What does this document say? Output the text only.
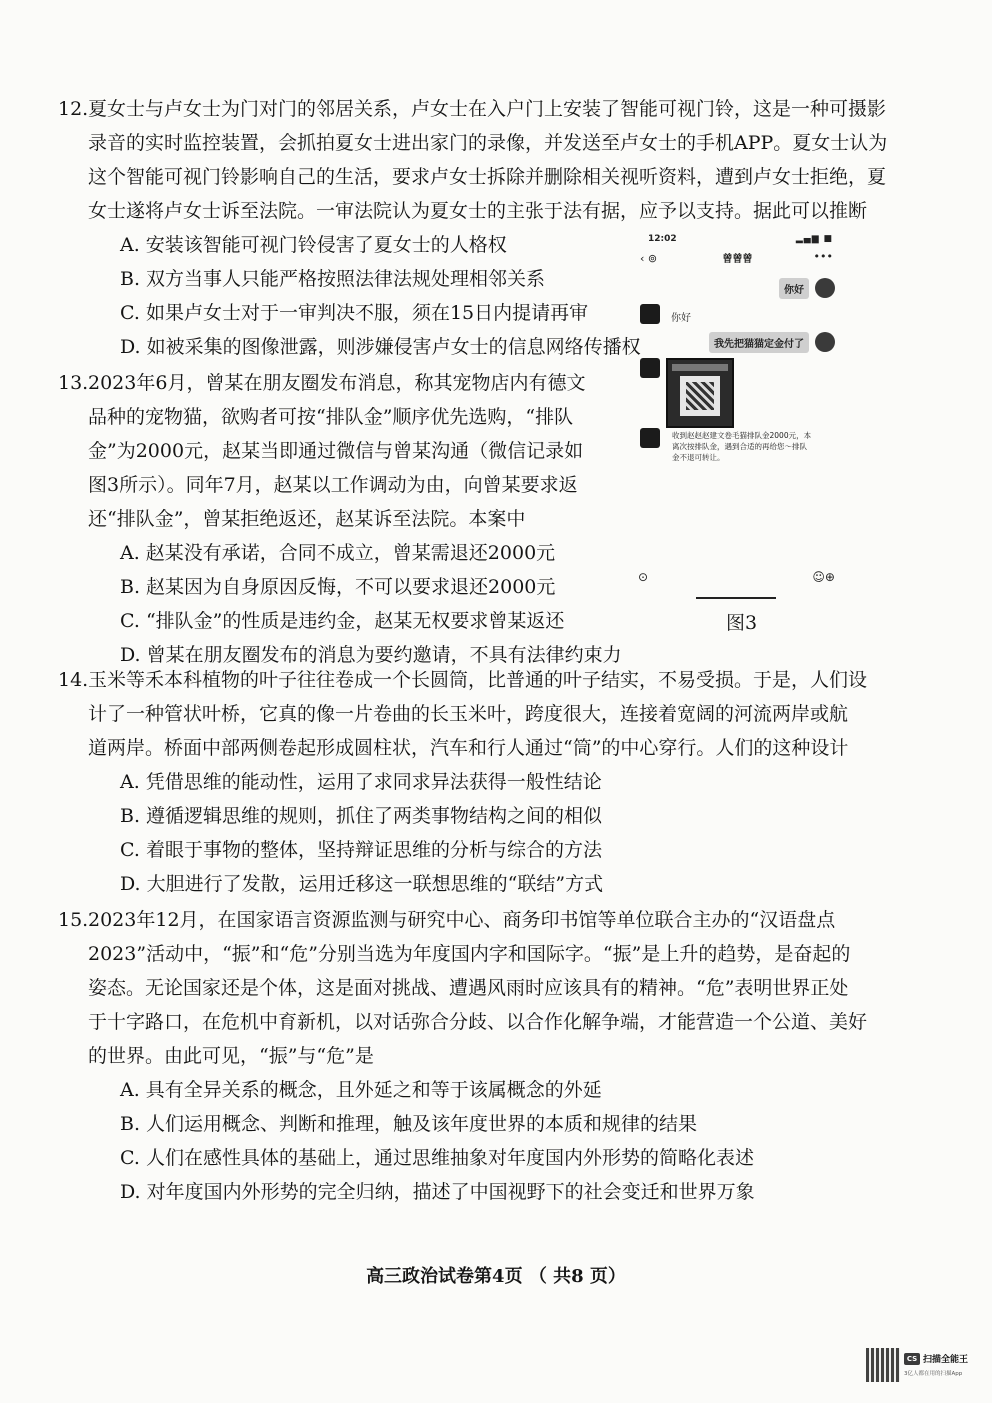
12.夏女士与卢女士为门对门的邻居关系，卢女士在入户门上安装了智能可视门铃，这是一种可摄影

录音的实时监控装置，会抓拍夏女士进出家门的录像，并发送至卢女士的手机APP。夏女士认为

这个智能可视门铃影响自己的生活，要求卢女士拆除并删除相关视听资料，遭到卢女士拒绝，夏

女士遂将卢女士诉至法院。一审法院认为夏女士的主张于法有据，应予以支持。据此可以推断

A. 安装该智能可视门铃侵害了夏女士的人格权

B. 双方当事人只能严格按照法律法规处理相邻关系

C. 如果卢女士对于一审判决不服，须在15日内提请再审

D. 如被采集的图像泄露，则涉嫌侵害卢女士的信息网络传播权

13.2023年6月，曾某在朋友圈发布消息，称其宠物店内有德文

品种的宠物猫，欲购者可按“排队金”顺序优先选购，“排队

金”为2000元，赵某当即通过微信与曾某沟通（微信记录如

图3所示）。同年7月，赵某以工作调动为由，向曾某要求返

还“排队金”，曾某拒绝返还，赵某诉至法院。本案中

A. 赵某没有承诺，合同不成立，曾某需退还2000元

B. 赵某因为自身原因反悔，不可以要求退还2000元

C. “排队金”的性质是违约金，赵某无权要求曾某返还

D. 曾某在朋友圈发布的消息为要约邀请，不具有法律约束力

12:02	▂▄▆ ■
‹ ⊚	曾曾曾	•••
你好
你好
我先把猫猫定金付了
收到赵赵赵建文卷毛猫排队金2000元，本离次按排队金，遇到合适的再给您～排队金不退可转让。
⊙	☺⊕
图3

14.玉米等禾本科植物的叶子往往卷成一个长圆筒，比普通的叶子结实，不易受损。于是，人们设

计了一种管状叶桥，它真的像一片卷曲的长玉米叶，跨度很大，连接着宽阔的河流两岸或航

道两岸。桥面中部两侧卷起形成圆柱状，汽车和行人通过“筒”的中心穿行。人们的这种设计

A. 凭借思维的能动性，运用了求同求异法获得一般性结论

B. 遵循逻辑思维的规则，抓住了两类事物结构之间的相似

C. 着眼于事物的整体，坚持辩证思维的分析与综合的方法

D. 大胆进行了发散，运用迁移这一联想思维的“联结”方式

15.2023年12月，在国家语言资源监测与研究中心、商务印书馆等单位联合主办的“汉语盘点

2023”活动中，“振”和“危”分别当选为年度国内字和国际字。“振”是上升的趋势，是奋起的

姿态。无论国家还是个体，这是面对挑战、遭遇风雨时应该具有的精神。“危”表明世界正处

于十字路口，在危机中育新机，以对话弥合分歧、以合作化解争端，才能营造一个公道、美好

的世界。由此可见，“振”与“危”是

A. 具有全异关系的概念，且外延之和等于该属概念的外延

B. 人们运用概念、判断和推理，触及该年度世界的本质和规律的结果

C. 人们在感性具体的基础上，通过思维抽象对年度国内外形势的简略化表述

D. 对年度国内外形势的完全归纳，描述了中国视野下的社会变迁和世界万象

高三政治试卷第4页 （ 共8 页）
CS 扫描全能王
3亿人都在用的扫描App
